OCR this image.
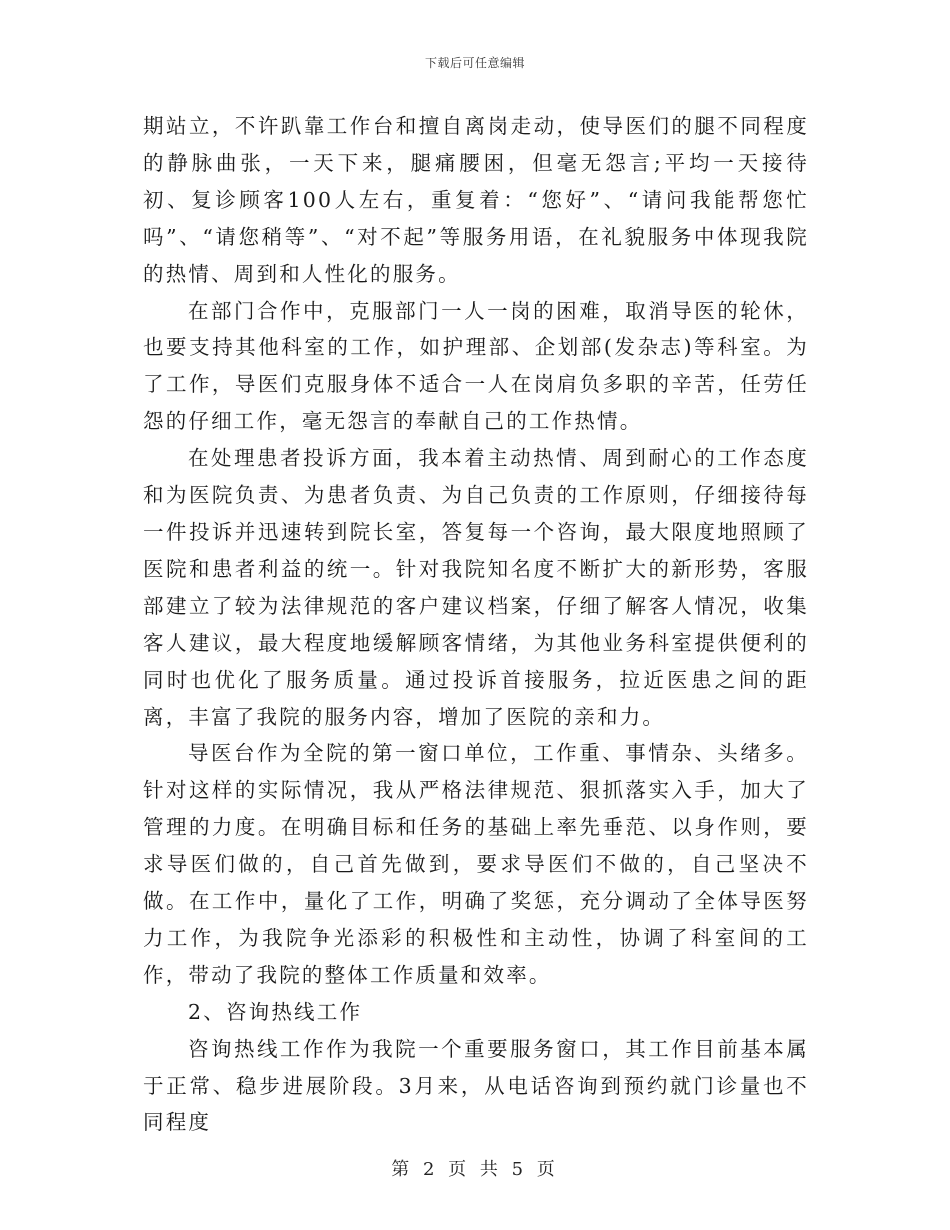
下载后可任意编辑

期站立，不许趴靠工作台和擅自离岗走动，使导医们的腿不同程度的静脉曲张，一天下来，腿痛腰困，但毫无怨言;平均一天接待初、复诊顾客100人左右，重复着：“您好”、“请问我能帮您忙吗”、“请您稍等”、“对不起”等服务用语，在礼貌服务中体现我院的热情、周到和人性化的服务。

在部门合作中，克服部门一人一岗的困难，取消导医的轮休，也要支持其他科室的工作，如护理部、企划部(发杂志)等科室。为了工作，导医们克服身体不适合一人在岗肩负多职的辛苦，任劳任怨的仔细工作，毫无怨言的奉献自己的工作热情。

在处理患者投诉方面，我本着主动热情、周到耐心的工作态度和为医院负责、为患者负责、为自己负责的工作原则，仔细接待每一件投诉并迅速转到院长室，答复每一个咨询，最大限度地照顾了医院和患者利益的统一。针对我院知名度不断扩大的新形势，客服部建立了较为法律规范的客户建议档案，仔细了解客人情况，收集客人建议，最大程度地缓解顾客情绪，为其他业务科室提供便利的同时也优化了服务质量。通过投诉首接服务，拉近医患之间的距离，丰富了我院的服务内容，增加了医院的亲和力。

导医台作为全院的第一窗口单位，工作重、事情杂、头绪多。针对这样的实际情况，我从严格法律规范、狠抓落实入手，加大了管理的力度。在明确目标和任务的基础上率先垂范、以身作则，要求导医们做的，自己首先做到，要求导医们不做的，自己坚决不做。在工作中，量化了工作，明确了奖惩，充分调动了全体导医努力工作，为我院争光添彩的积极性和主动性，协调了科室间的工作，带动了我院的整体工作质量和效率。

2、咨询热线工作

咨询热线工作作为我院一个重要服务窗口，其工作目前基本属于正常、稳步进展阶段。3月来，从电话咨询到预约就门诊量也不同程度

第 2 页 共 5 页
